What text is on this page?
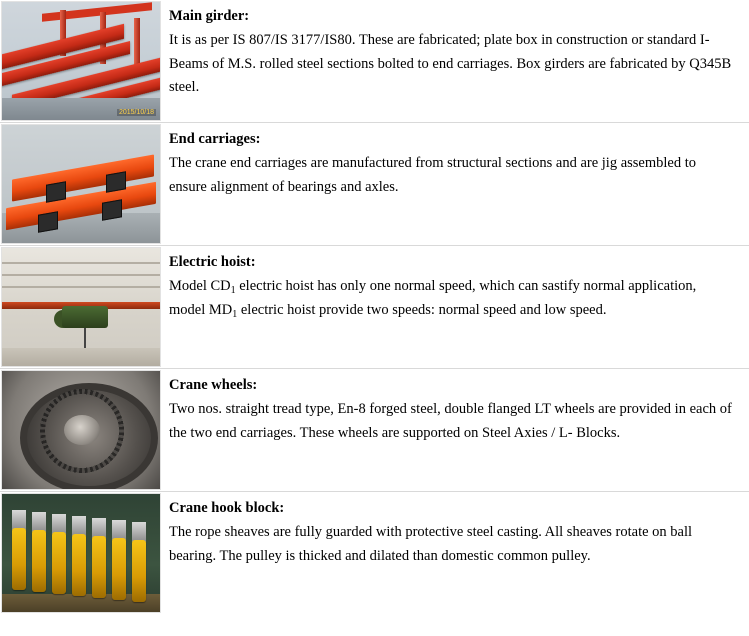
2015/10/18	Main girder:

It is as per IS 807/IS 3177/IS80. These are fabricated; plate box in construction or standard I-Beams of M.S. rolled steel sections bolted to end carriages. Box girders are fabricated by Q345B steel.

	End carriages:

The crane end carriages are manufactured from structural sections and are jig assembled to ensure alignment of bearings and axles.

	Electric hoist:

Model $CD_1$ electric hoist has only one normal speed, which can sastify normal application, model $MD_1$ electric hoist provide two speeds: normal speed and low speed.

	Crane wheels:

Two nos. straight tread type, En-8 forged steel, double flanged LT wheels are provided in each of the two end carriages. These wheels are supported on Steel Axies / L- Blocks.

	Crane hook block:

The rope sheaves are fully guarded with protective steel casting. All sheaves rotate on ball bearing. The pulley is thicked and dilated than domestic common pulley.
